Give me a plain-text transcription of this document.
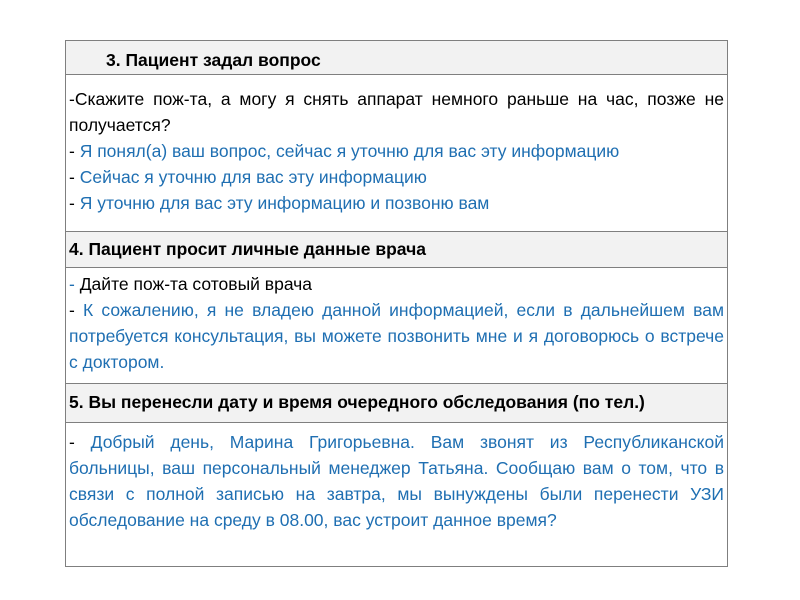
3. Пациент задал вопрос
-Скажите пож-та, а могу я снять аппарат немного раньше на час, позже не получается?
- Я понял(а) ваш вопрос, сейчас я уточню для вас эту информацию
- Сейчас я уточню для вас эту информацию
- Я уточню для вас эту информацию и позвоню вам
4. Пациент просит личные данные врача
- Дайте пож-та сотовый врача
- К сожалению, я не владею данной информацией, если в дальнейшем вам потребуется консультация, вы можете позвонить мне и я договорюсь о встрече с доктором.
5. Вы перенесли дату и время очередного обследования (по тел.)
- Добрый день, Марина Григорьевна. Вам звонят из Республиканской больницы, ваш персональный менеджер Татьяна. Сообщаю вам о том, что в связи с полной записью на завтра, мы вынуждены были перенести УЗИ обследование на среду в 08.00, вас устроит данное время?
